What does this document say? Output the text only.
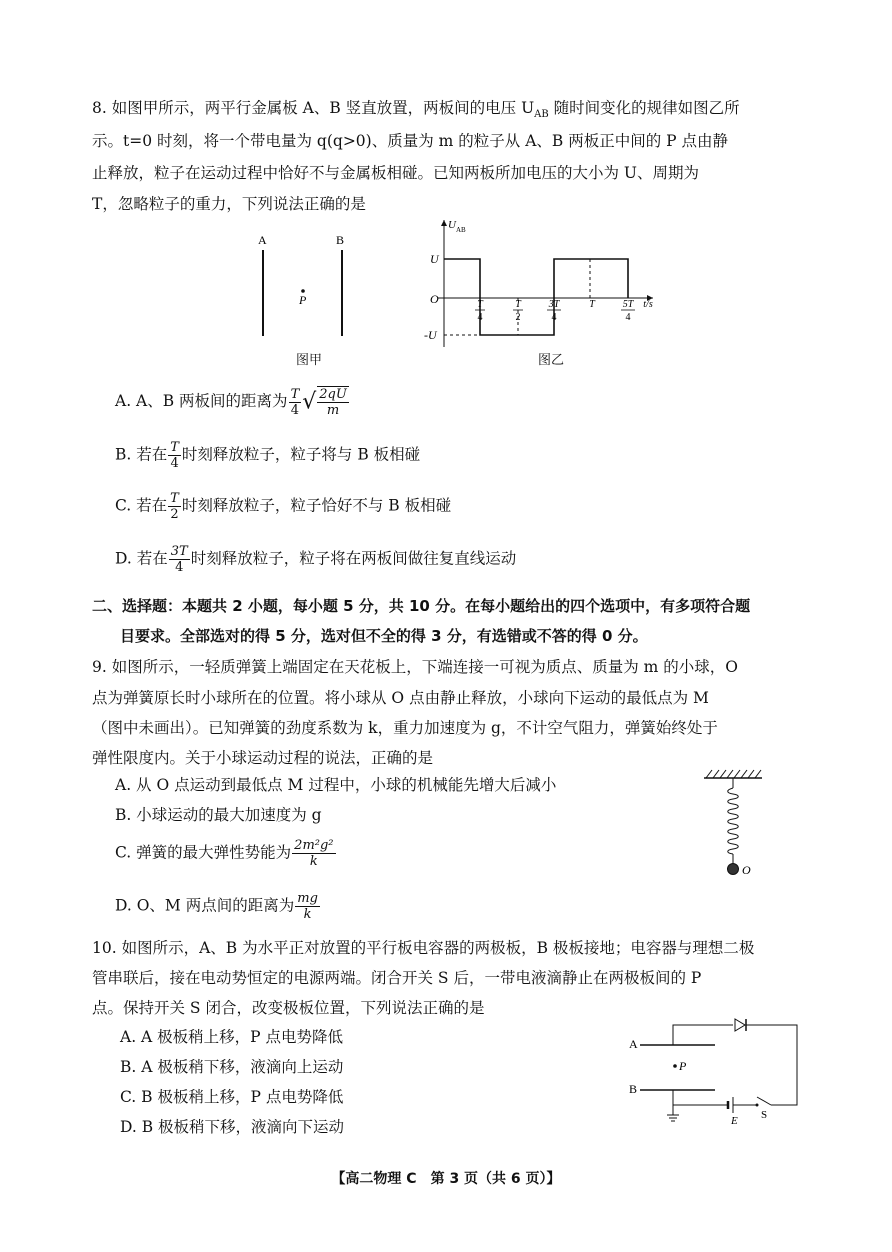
8. 如图甲所示，两平行金属板 A、B 竖直放置，两板间的电压 $U_{AB}$ 随时间变化的规律如图乙所
示。t=0 时刻，将一个带电量为 q(q>0)、质量为 m 的粒子从 A、B 两板正中间的 P 点由静
止释放，粒子在运动过程中恰好不与金属板相碰。已知两板所加电压的大小为 U、周期为
T，忽略粒子的重力，下列说法正确的是
A	B
P
图甲
U AB
U
O
-U
T
4
T
2
3T
4
T	5T
4
t/s
图乙
A. A、B 两板间的距离为 $\frac{T}{4}$ √ $\frac{2qU}{m}$
B. 若在 $\frac{T}{4}$ 时刻释放粒子，粒子将与 B 板相碰
C. 若在 $\frac{T}{2}$ 时刻释放粒子，粒子恰好不与 B 板相碰
D. 若在 $\frac{3T}{4}$ 时刻释放粒子，粒子将在两板间做往复直线运动
二、选择题：本题共 2 小题，每小题 5 分，共 10 分。在每小题给出的四个选项中，有多项符合题
目要求。全部选对的得 5 分，选对但不全的得 3 分，有选错或不答的得 0 分。
9. 如图所示，一轻质弹簧上端固定在天花板上，下端连接一可视为质点、质量为 m 的小球，O
点为弹簧原长时小球所在的位置。将小球从 O 点由静止释放，小球向下运动的最低点为 M
（图中未画出）。已知弹簧的劲度系数为 k，重力加速度为 g，不计空气阻力，弹簧始终处于
弹性限度内。关于小球运动过程的说法，正确的是
A. 从 O 点运动到最低点 M 过程中，小球的机械能先增大后减小
B. 小球运动的最大加速度为 g
C. 弹簧的最大弹性势能为 $\frac{\text{2m²g²}}{k}$
D. O、M 两点间的距离为 $\frac{mg}{k}$
O
10. 如图所示，A、B 为水平正对放置的平行板电容器的两极板，B 极板接地；电容器与理想二极
管串联后，接在电动势恒定的电源两端。闭合开关 S 后，一带电液滴静止在两极板间的 P
点。保持开关 S 闭合，改变极板位置，下列说法正确的是
A. A 极板稍上移，P 点电势降低
B. A 极板稍下移，液滴向上运动
C. B 极板稍上移，P 点电势降低
D. B 极板稍下移，液滴向下运动
A
B
P
S
E
【高二物理 C　第 3 页（共 6 页）】
